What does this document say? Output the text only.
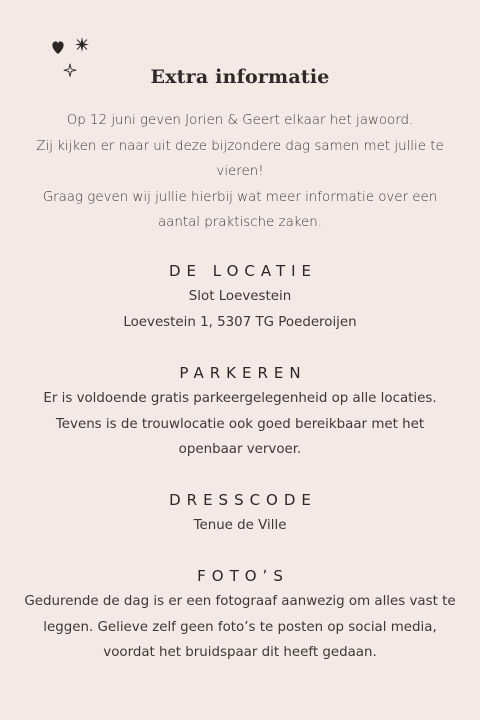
Extra informatie
Op 12 juni geven Jorien & Geert elkaar het jawoord.
Zij kijken er naar uit deze bijzondere dag samen met jullie te
vieren!
Graag geven wij jullie hierbij wat meer informatie over een
aantal praktische zaken.
DE LOCATIE
Slot Loevestein
Loevestein 1, 5307 TG Poederoijen
PARKEREN
Er is voldoende gratis parkeergelegenheid op alle locaties.
Tevens is de trouwlocatie ook goed bereikbaar met het
openbaar vervoer.
DRESSCODE
Tenue de Ville
FOTO’S
Gedurende de dag is er een fotograaf aanwezig om alles vast te
leggen. Gelieve zelf geen foto’s te posten op social media,
voordat het bruidspaar dit heeft gedaan.
